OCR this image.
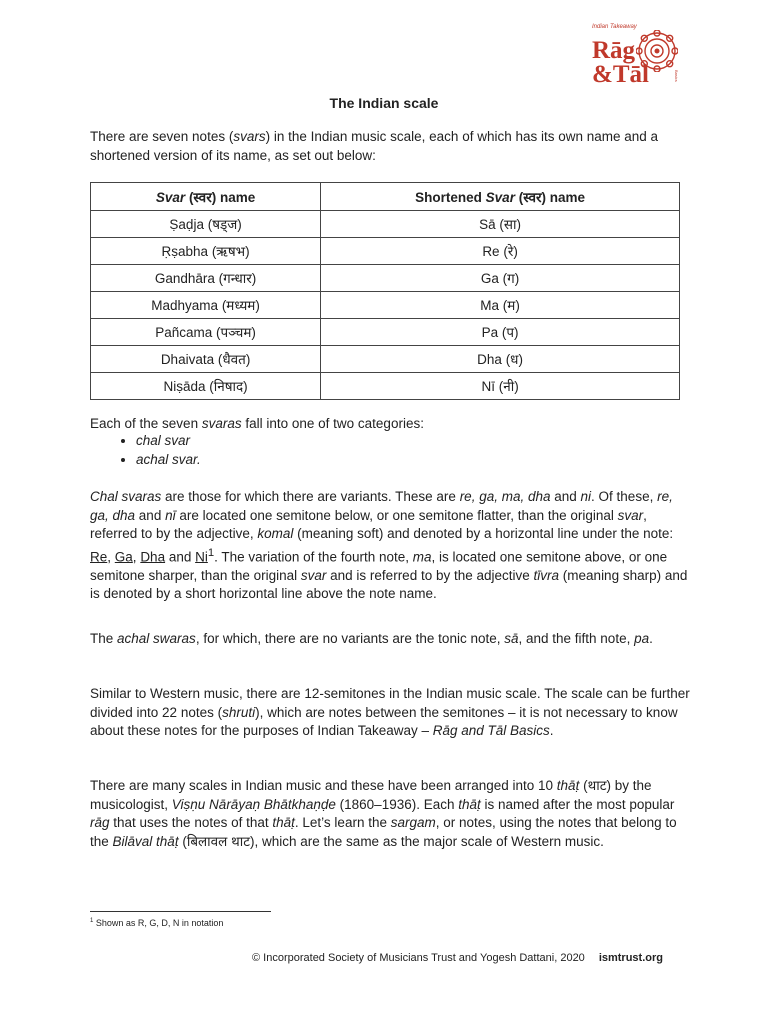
Indian Takeaway
Rāg
&Tāl	Basics
The Indian scale

There are seven notes (svars) in the Indian music scale, each of which has its own name and a shortened version of its name, as set out below:

Svar (स्वर) name	Shortened Svar (स्वर) name
Ṣaḍja (षड्ज)	Sā (सा)
Ṛṣabha (ऋषभ)	Re (रे)
Gandhāra (गन्धार)	Ga (ग)
Madhyama (मध्यम)	Ma (म)
Pañcama (पञ्चम)	Pa (प)
Dhaivata (धैवत)	Dha (ध)
Niṣāda (निषाद)	Nī (नी)

Each of the seven svaras fall into one of two categories:

• chal svar
• achal svar.

Chal svaras are those for which there are variants. These are re, ga, ma, dha and ni. Of these, re, ga, dha and nī are located one semitone below, or one semitone flatter, than the original svar, referred to by the adjective, komal (meaning soft) and denoted by a horizontal line under the note: Re, Ga, Dha and Ni$^1$. The variation of the fourth note, ma, is located one semitone above, or one semitone sharper, than the original svar and is referred to by the adjective tīvra (meaning sharp) and is denoted by a short horizontal line above the note name.

The achal swaras, for which, there are no variants are the tonic note, sā, and the fifth note, pa.

Similar to Western music, there are 12-semitones in the Indian music scale. The scale can be further divided into 22 notes (shruti), which are notes between the semitones – it is not necessary to know about these notes for the purposes of Indian Takeaway – Rāg and Tāl Basics.

There are many scales in Indian music and these have been arranged into 10 thāṭ (थाट) by the musicologist, Viṣṇu Nārāyaṇ Bhātkhaṇḍe (1860–1936). Each thāṭ is named after the most popular rāg that uses the notes of that thāṭ. Let’s learn the sargam, or notes, using the notes that belong to the Bilāval thāṭ (बिलावल थाट), which are the same as the major scale of Western music.

$^1$ Shown as R, G, D, N in notation
© Incorporated Society of Musicians Trust and Yogesh Dattani, 2020 ismtrust.org
